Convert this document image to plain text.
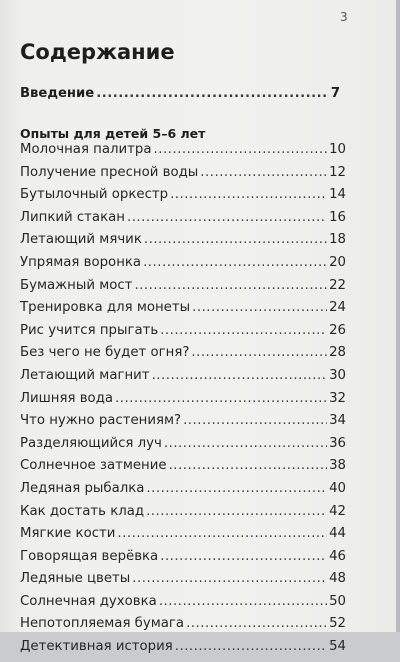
3
Содержание
Введение .....	7
Опыты для детей 5–6 лет
Молочная палитра .....	10
Получение пресной воды .....	12
Бутылочный оркестр .....	14
Липкий стакан .....	16
Летающий мячик .....	18
Упрямая воронка .....	20
Бумажный мост .....	22
Тренировка для монеты .....	24
Рис учится прыгать .....	26
Без чего не будет огня? .....	28
Летающий магнит .....	30
Лишняя вода .....	32
Что нужно растениям? .....	34
Разделяющийся луч .....	36
Солнечное затмение .....	38
Ледяная рыбалка .....	40
Как достать клад .....	42
Мягкие кости .....	44
Говорящая верёвка .....	46
Ледяные цветы .....	48
Солнечная духовка .....	50
Непотопляемая бумага .....	52
Детективная история .....	54
